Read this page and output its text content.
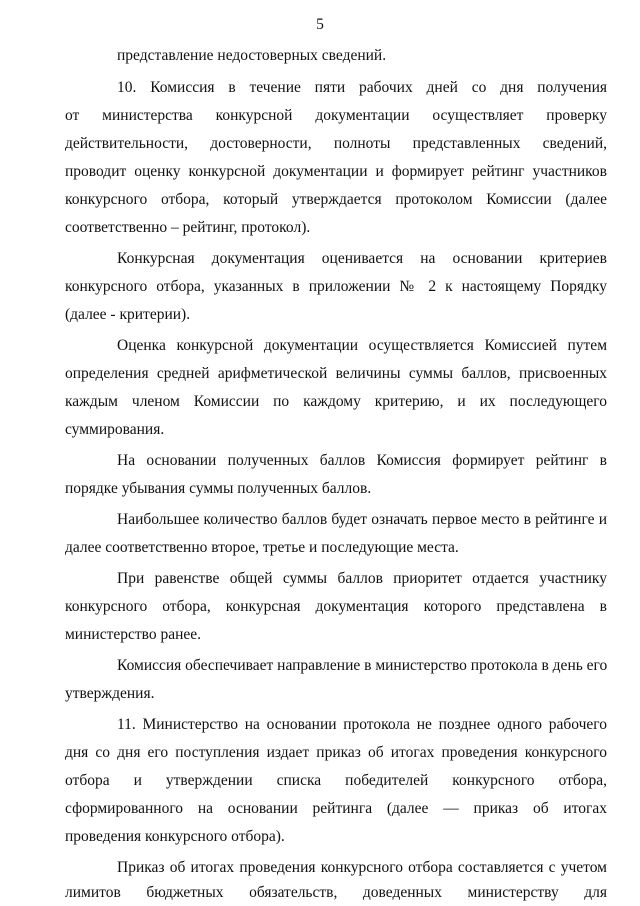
5
представление недостоверных сведений.
10. Комиссия в течение пяти рабочих дней со дня получения
от министерства конкурсной документации осуществляет проверку
действительности, достоверности, полноты представленных сведений,
проводит оценку конкурсной документации и формирует рейтинг участников
конкурсного отбора, который утверждается протоколом Комиссии (далее
соответственно – рейтинг, протокол).
Конкурсная документация оценивается на основании критериев
конкурсного отбора, указанных в приложении № 2 к настоящему Порядку
(далее - критерии).
Оценка конкурсной документации осуществляется Комиссией путем
определения средней арифметической величины суммы баллов, присвоенных
каждым членом Комиссии по каждому критерию, и их последующего
суммирования.
На основании полученных баллов Комиссия формирует рейтинг в
порядке убывания суммы полученных баллов.
Наибольшее количество баллов будет означать первое место в рейтинге и
далее соответственно второе, третье и последующие места.
При равенстве общей суммы баллов приоритет отдается участнику
конкурсного отбора, конкурсная документация которого представлена в
министерство ранее.
Комиссия обеспечивает направление в министерство протокола в день его
утверждения.
11. Министерство на основании протокола не позднее одного рабочего
дня со дня его поступления издает приказ об итогах проведения конкурсного
отбора и утверждении списка победителей конкурсного отбора,
сформированного на основании рейтинга (далее — приказ об итогах
проведения конкурсного отбора).
Приказ об итогах проведения конкурсного отбора составляется с учетом
лимитов бюджетных обязательств, доведенных министерству для
